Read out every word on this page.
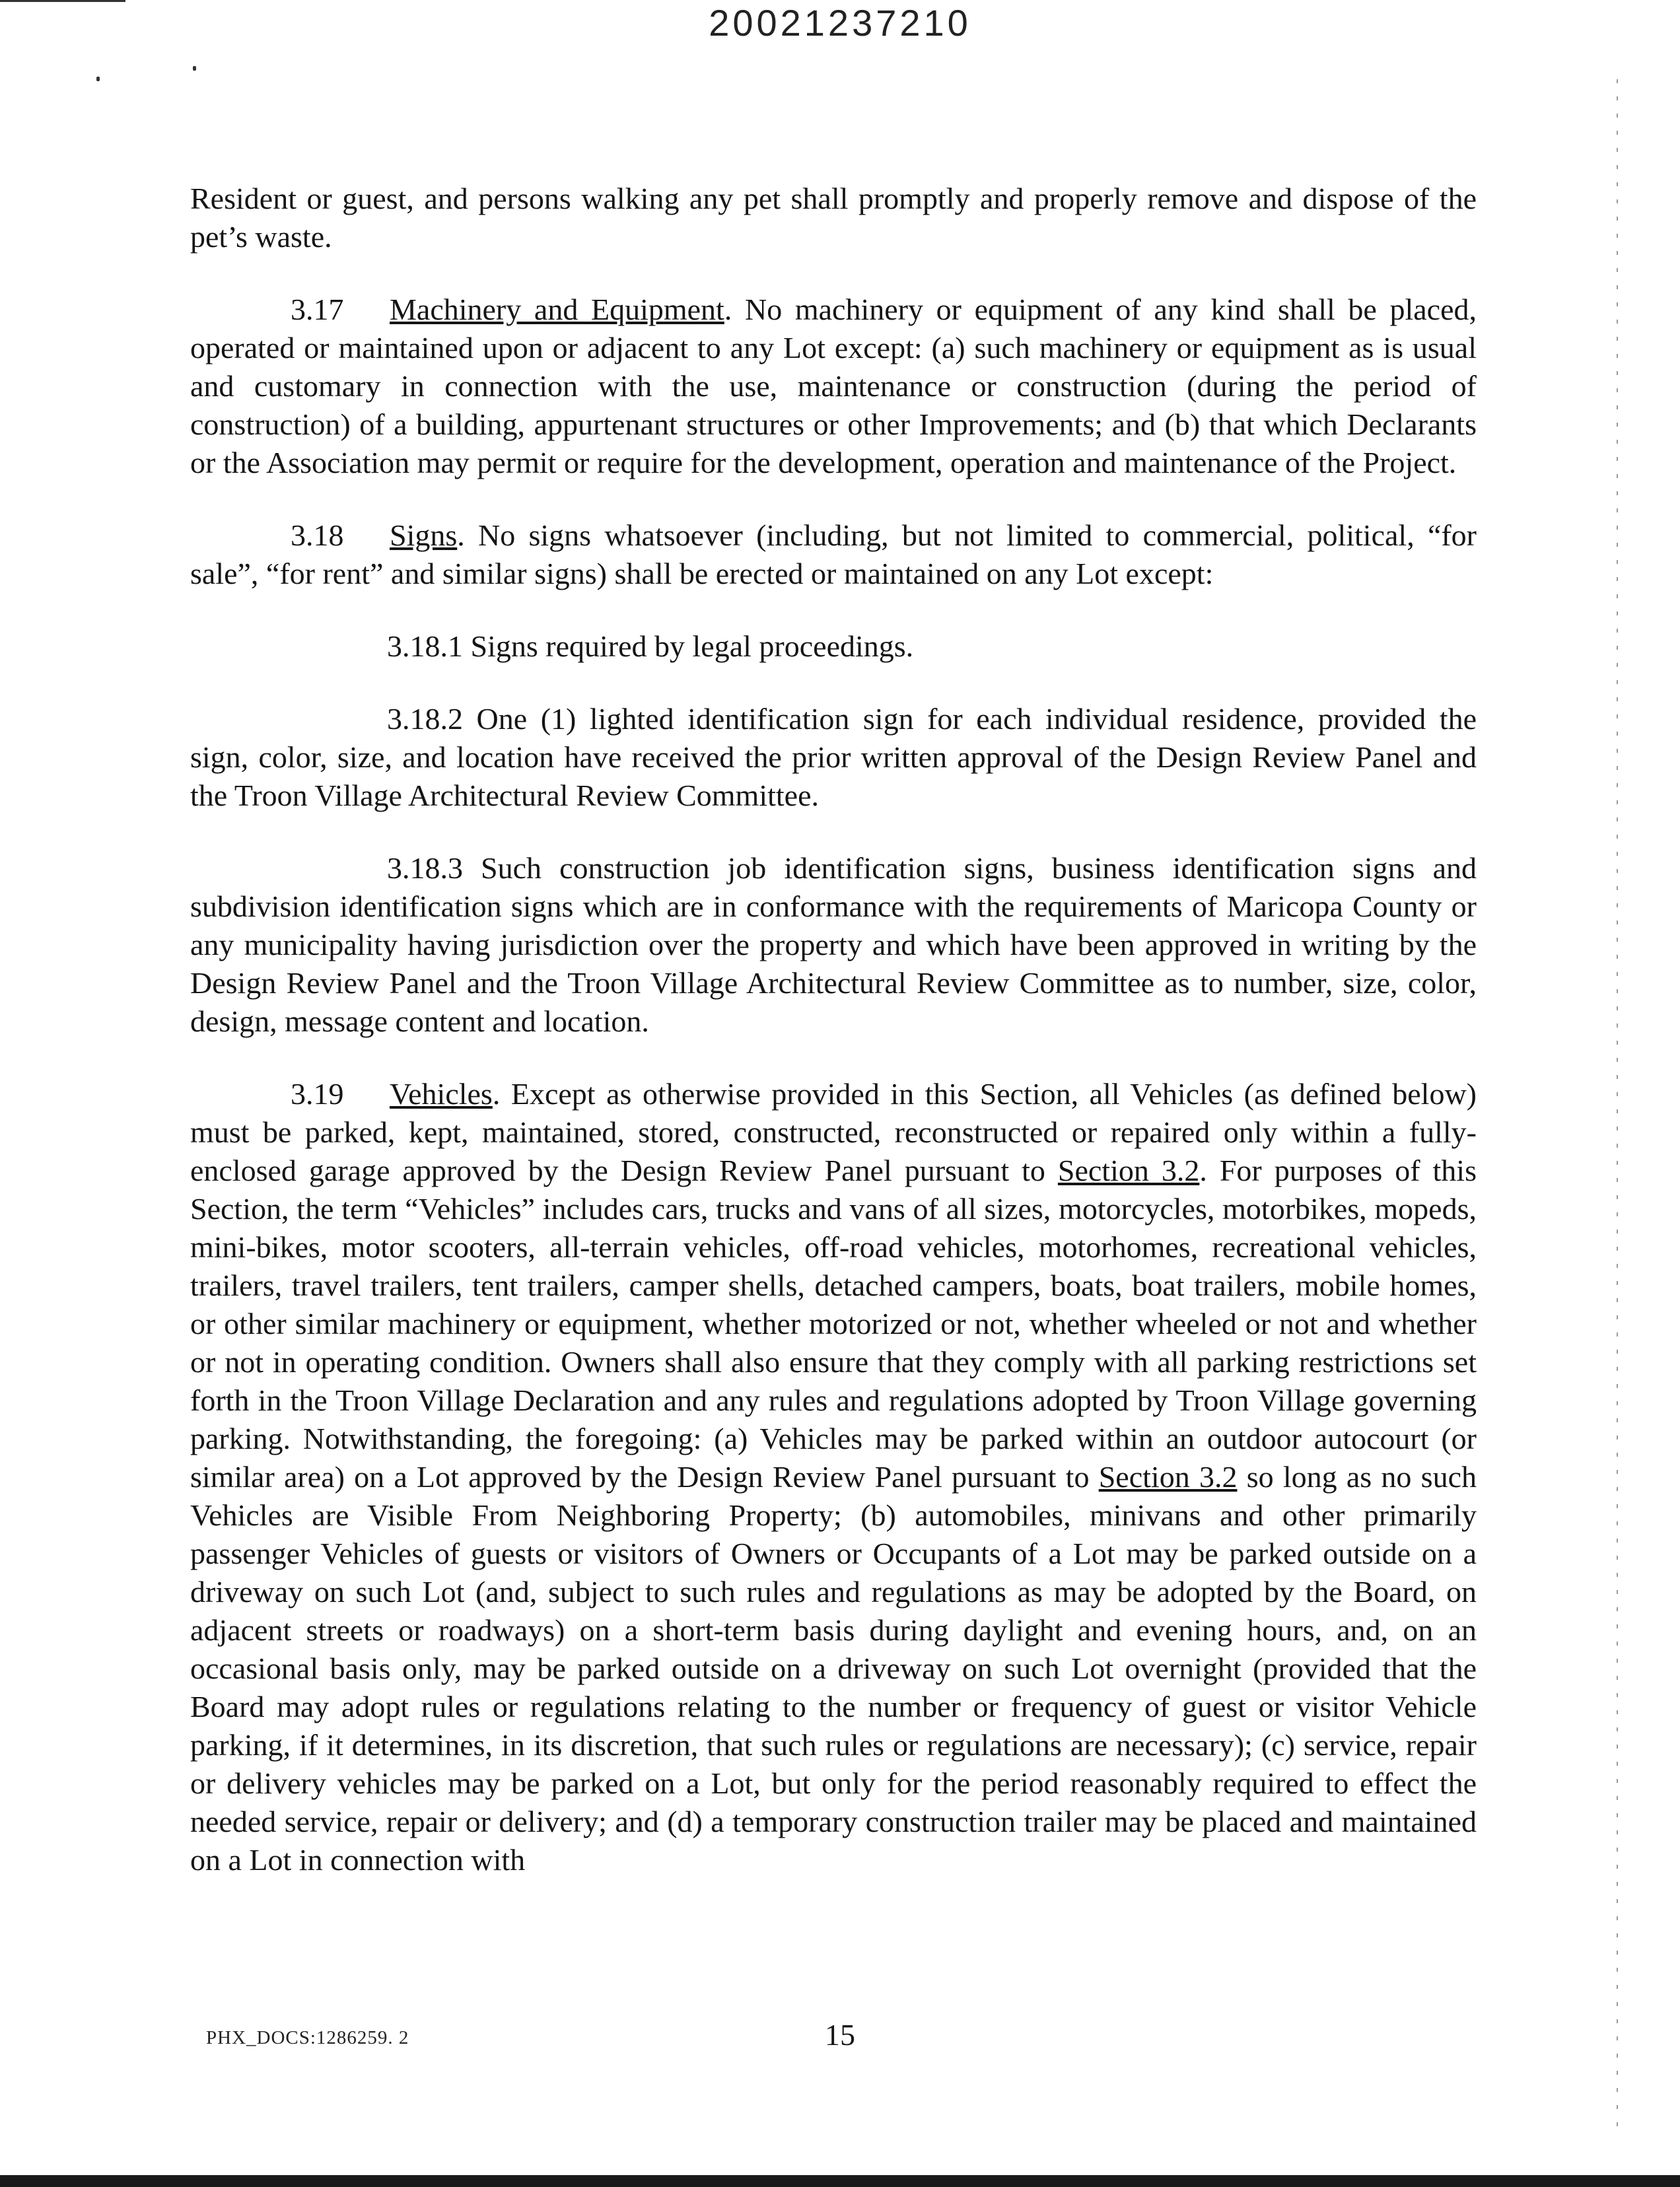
20021237210

Resident or guest, and persons walking any pet shall promptly and properly remove and dispose of the pet’s waste.

3.17 Machinery and Equipment. No machinery or equipment of any kind shall be placed, operated or maintained upon or adjacent to any Lot except: (a) such machinery or equipment as is usual and customary in connection with the use, maintenance or construction (during the period of construction) of a building, appurtenant structures or other Improvements; and (b) that which Declarants or the Association may permit or require for the development, operation and maintenance of the Project.

3.18 Signs. No signs whatsoever (including, but not limited to commercial, political, “for sale”, “for rent” and similar signs) shall be erected or maintained on any Lot except:

3.18.1 Signs required by legal proceedings.

3.18.2 One (1) lighted identification sign for each individual residence, provided the sign, color, size, and location have received the prior written approval of the Design Review Panel and the Troon Village Architectural Review Committee.

3.18.3 Such construction job identification signs, business identification signs and subdivision identification signs which are in conformance with the requirements of Maricopa County or any municipality having jurisdiction over the property and which have been approved in writing by the Design Review Panel and the Troon Village Architectural Review Committee as to number, size, color, design, message content and location.

3.19 Vehicles. Except as otherwise provided in this Section, all Vehicles (as defined below) must be parked, kept, maintained, stored, constructed, reconstructed or repaired only within a fully-enclosed garage approved by the Design Review Panel pursuant to Section 3.2. For purposes of this Section, the term “Vehicles” includes cars, trucks and vans of all sizes, motorcycles, motorbikes, mopeds, mini-bikes, motor scooters, all-terrain vehicles, off-road vehicles, motorhomes, recreational vehicles, trailers, travel trailers, tent trailers, camper shells, detached campers, boats, boat trailers, mobile homes, or other similar machinery or equipment, whether motorized or not, whether wheeled or not and whether or not in operating condition. Owners shall also ensure that they comply with all parking restrictions set forth in the Troon Village Declaration and any rules and regulations adopted by Troon Village governing parking. Notwithstanding, the foregoing: (a) Vehicles may be parked within an outdoor autocourt (or similar area) on a Lot approved by the Design Review Panel pursuant to Section 3.2 so long as no such Vehicles are Visible From Neighboring Property; (b) automobiles, minivans and other primarily passenger Vehicles of guests or visitors of Owners or Occupants of a Lot may be parked outside on a driveway on such Lot (and, subject to such rules and regulations as may be adopted by the Board, on adjacent streets or roadways) on a short-term basis during daylight and evening hours, and, on an occasional basis only, may be parked outside on a driveway on such Lot overnight (provided that the Board may adopt rules or regulations relating to the number or frequency of guest or visitor Vehicle parking, if it determines, in its discretion, that such rules or regulations are necessary); (c) service, repair or delivery vehicles may be parked on a Lot, but only for the period reasonably required to effect the needed service, repair or delivery; and (d) a temporary construction trailer may be placed and maintained on a Lot in connection with

PHX_DOCS:1286259. 2	15
